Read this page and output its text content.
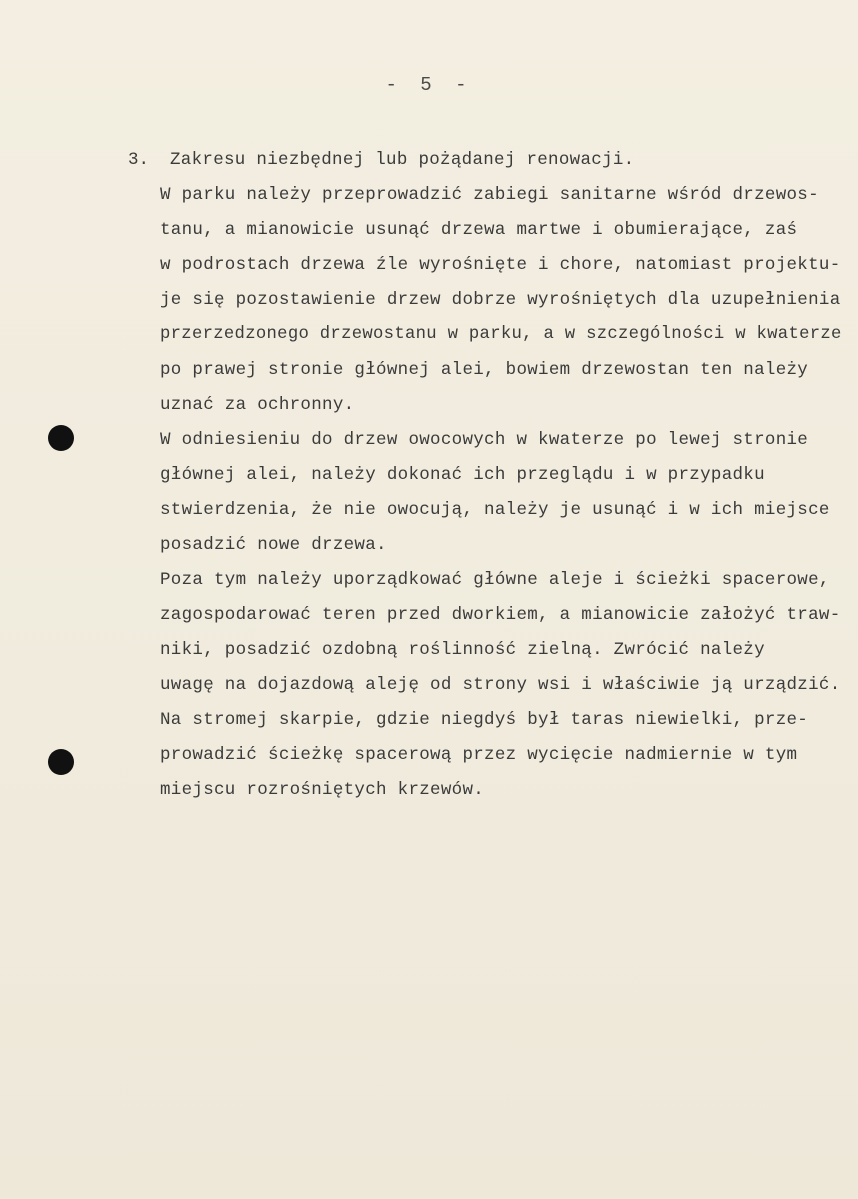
- 5 -
3. Zakresu niezbędnej lub pożądanej renowacji.
W parku należy przeprowadzić zabiegi sanitarne wśród drzewos-
tanu, a mianowicie usunąć drzewa martwe i obumierające, zaś
w podrostach drzewa źle wyrośnięte i chore, natomiast projektu-
je się pozostawienie drzew dobrze wyrośniętych dla uzupełnienia
przerzedzonego drzewostanu w parku, a w szczególności w kwaterze
po prawej stronie głównej alei, bowiem drzewostan ten należy
uznać za ochronny.
W odniesieniu do drzew owocowych w kwaterze po lewej stronie
głównej alei, należy dokonać ich przeglądu i w przypadku
stwierdzenia, że nie owocują, należy je usunąć i w ich miejsce
posadzić nowe drzewa.
Poza tym należy uporządkować główne aleje i ścieżki spacerowe,
zagospodarować teren przed dworkiem, a mianowicie założyć traw-
niki, posadzić ozdobną roślinność zielną. Zwrócić należy
uwagę na dojazdową aleję od strony wsi i właściwie ją urządzić.
Na stromej skarpie, gdzie niegdyś był taras niewielki, prze-
prowadzić ścieżkę spacerową przez wycięcie nadmiernie w tym
miejscu rozrośniętych krzewów.
